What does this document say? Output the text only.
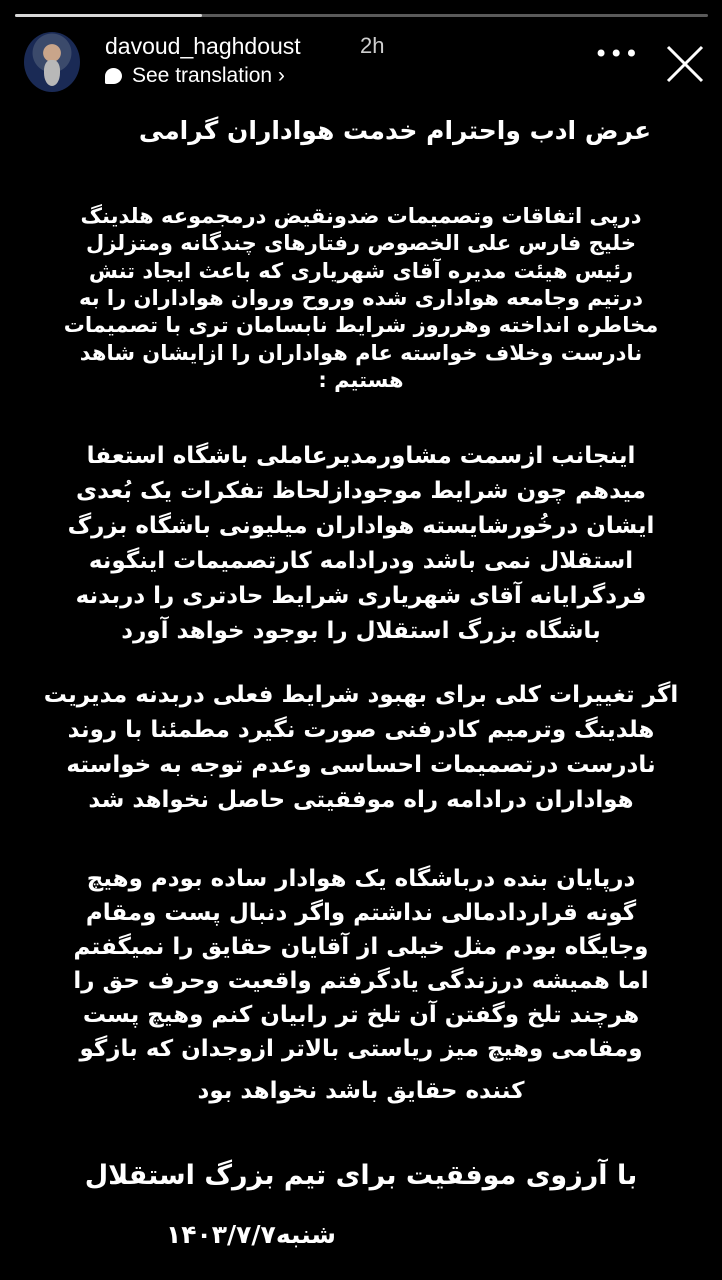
davoud_haghdoust	2h
See translation ›
•••
عرض ادب واحترام خدمت هواداران گرامی
درپی اتفاقات وتصمیمات ضدونقیض درمجموعه هلدینگ
خلیج فارس علی الخصوص رفتارهای چندگانه ومتزلزل
رئیس هیئت مدیره آقای شهریاری که باعث ایجاد تنش
درتیم وجامعه هواداری شده وروح وروان هواداران را به
مخاطره انداخته وهرروز شرایط نابسامان تری با تصمیمات
نادرست وخلاف خواسته عام هواداران را ازایشان شاهد
هستیم :
اینجانب ازسمت مشاورمدیرعاملی باشگاه استعفا
میدهم چون شرایط موجودازلحاظ تفکرات یک بُعدی
ایشان درخُورشایسته هواداران میلیونی باشگاه بزرگ
استقلال نمی باشد ودرادامه کارتصمیمات اینگونه
فردگرایانه آقای شهریاری شرایط حادتری را دربدنه
باشگاه بزرگ استقلال را بوجود خواهد آورد
اگر تغییرات کلی برای بهبود شرایط فعلی دربدنه مدیریت
هلدینگ وترمیم کادرفنی صورت نگیرد مطمئنا با روند
نادرست درتصمیمات احساسی وعدم توجه به خواسته
هواداران درادامه راه موفقیتی حاصل نخواهد شد
درپایان بنده درباشگاه یک هوادار ساده بودم وهیچ
گونه قراردادمالی نداشتم واگر دنبال پست ومقام
وجایگاه بودم مثل خیلی از آقایان حقایق را نمیگفتم
اما همیشه درزندگی یادگرفتم واقعیت وحرف حق را
هرچند تلخ وگفتن آن تلخ تر رابیان کنم وهیچ پست
ومقامی وهیچ میز ریاستی بالاتر ازوجدان که بازگو
کننده حقایق باشد نخواهد بود
با آرزوی موفقیت برای تیم بزرگ استقلال
شنبه۱۴۰۳/۷/۷
